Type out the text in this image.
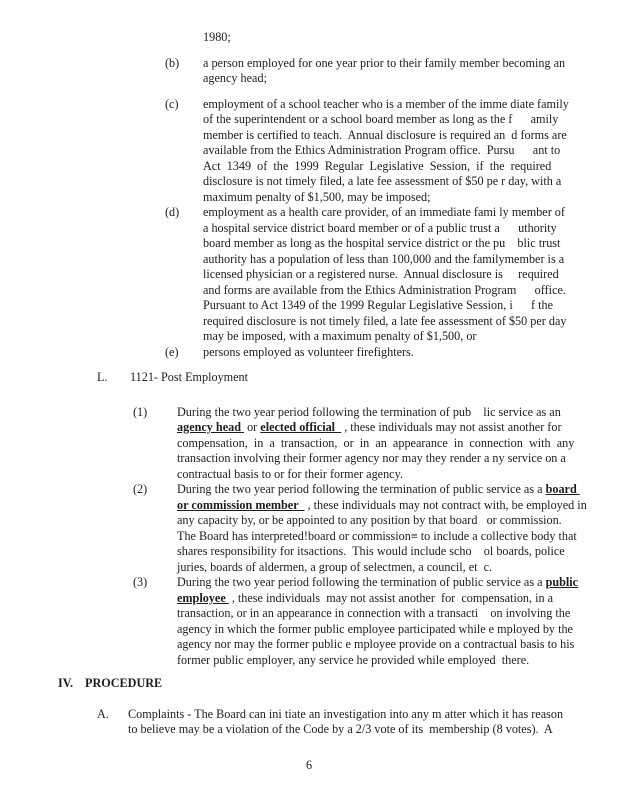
1980;
(b) a person employed for one year prior to their family member becoming an
agency head;
(c) employment of a school teacher who is a member of the imme diate family
of the superintendent or a school board member as long as the f      amily
member is certified to teach.  Annual disclosure is required an  d forms are
available from the Ethics Administration Program office.  Pursu      ant to
Act  1349  of  the  1999  Regular  Legislative  Session,  if  the  required
disclosure is not timely filed, a late fee assessment of $50 pe r day, with a
maximum penalty of $1,500, may be imposed;
(d) employment as a health care provider, of an immediate fami ly member of
a hospital service district board member or of a public trust a      uthority
board member as long as the hospital service district or the pu    blic trust
authority has a population of less than 100,000 and the familymember is a
licensed physician or a registered nurse.  Annual disclosure is     required
and forms are available from the Ethics Administration Program      office.
Pursuant to Act 1349 of the 1999 Regular Legislative Session, i      f the
required disclosure is not timely filed, a late fee assessment of $50 per day
may be imposed, with a maximum penalty of $1,500, or
(e) persons employed as volunteer firefighters.
L. 1121- Post Employment
(1) During the two year period following the termination of pub    lic service as an
agency head  or elected official   , these individuals may not assist another for
compensation,  in  a  transaction,  or  in  an  appearance  in  connection  with  any
transaction involving their former agency nor may they render a ny service on a
contractual basis to or for their former agency.
(2) During the two year period following the termination of public service as a board
or commission member   , these individuals may not contract with, be employed in
any capacity by, or be appointed to any position by that board   or commission.
The Board has interpreted!board or commission≡ to include a collective body that
shares responsibility for itsactions.  This would include scho    ol boards, police
juries, boards of aldermen, a group of selectmen, a council, et  c.
(3) During the two year period following the termination of public service as a public
employee  , these individuals  may not assist another  for  compensation, in a
transaction, or in an appearance in connection with a transacti    on involving the
agency in which the former public employee participated while e mployed by the
agency nor may the former public e mployee provide on a contractual basis to his
former public employer, any service he provided while employed  there.
IV. PROCEDURE
A. Complaints - The Board can ini tiate an investigation into any m atter which it has reason
to believe may be a violation of the Code by a 2/3 vote of its  membership (8 votes).  A
6
